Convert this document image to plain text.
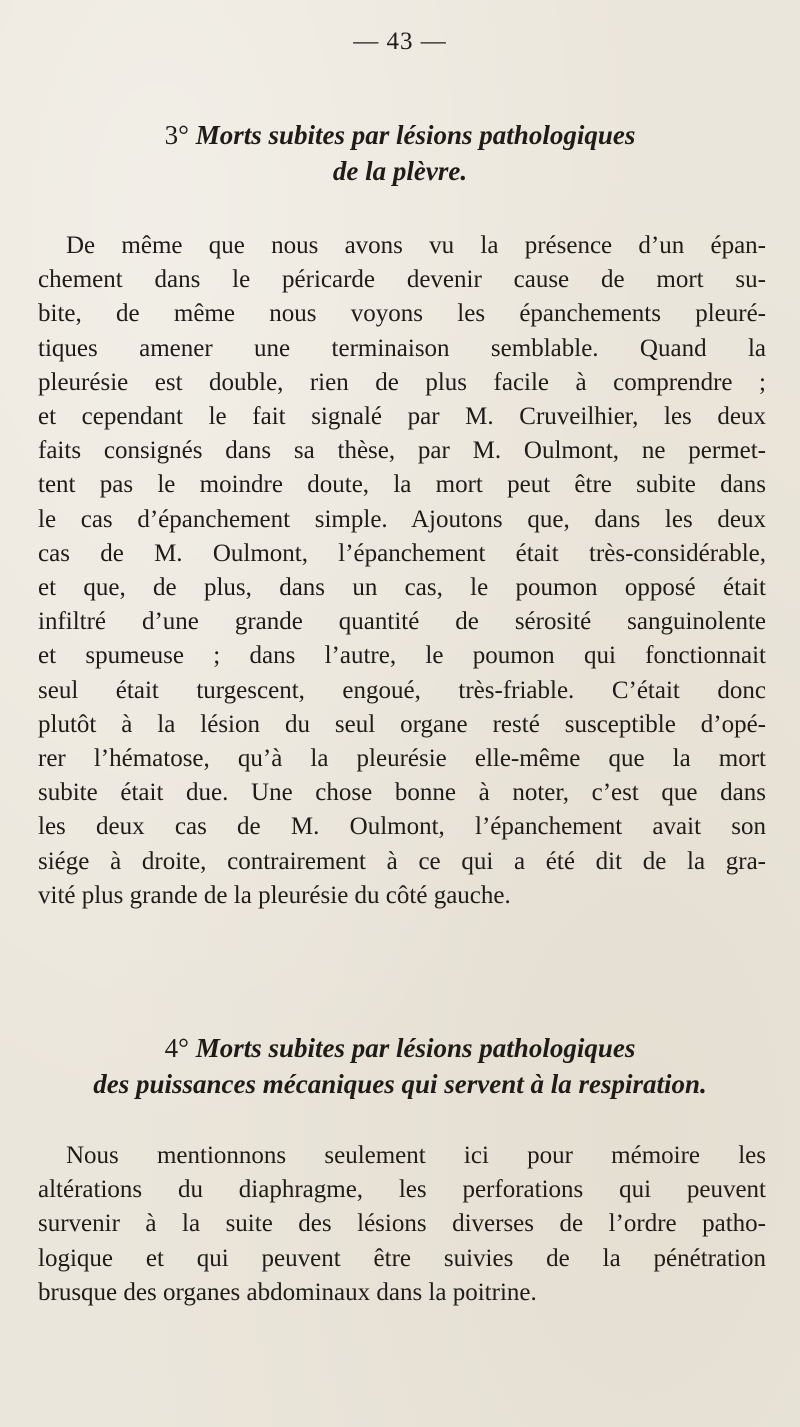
— 43 —
3° Morts subites par lésions pathologiques
de la plèvre.
De même que nous avons vu la présence d’un épan-
chement dans le péricarde devenir cause de mort su-
bite, de même nous voyons les épanchements pleuré-
tiques amener une terminaison semblable. Quand la
pleurésie est double, rien de plus facile à comprendre ;
et cependant le fait signalé par M. Cruveilhier, les deux
faits consignés dans sa thèse, par M. Oulmont, ne permet-
tent pas le moindre doute, la mort peut être subite dans
le cas d’épanchement simple. Ajoutons que, dans les deux
cas de M. Oulmont, l’épanchement était très-considérable,
et que, de plus, dans un cas, le poumon opposé était
infiltré d’une grande quantité de sérosité sanguinolente
et spumeuse ; dans l’autre, le poumon qui fonctionnait
seul était turgescent, engoué, très-friable. C’était donc
plutôt à la lésion du seul organe resté susceptible d’opé-
rer l’hématose, qu’à la pleurésie elle-même que la mort
subite était due. Une chose bonne à noter, c’est que dans
les deux cas de M. Oulmont, l’épanchement avait son
siége à droite, contrairement à ce qui a été dit de la gra-
vité plus grande de la pleurésie du côté gauche.
4° Morts subites par lésions pathologiques
des puissances mécaniques qui servent à la respiration.
Nous mentionnons seulement ici pour mémoire les
altérations du diaphragme, les perforations qui peuvent
survenir à la suite des lésions diverses de l’ordre patho-
logique et qui peuvent être suivies de la pénétration
brusque des organes abdominaux dans la poitrine.
